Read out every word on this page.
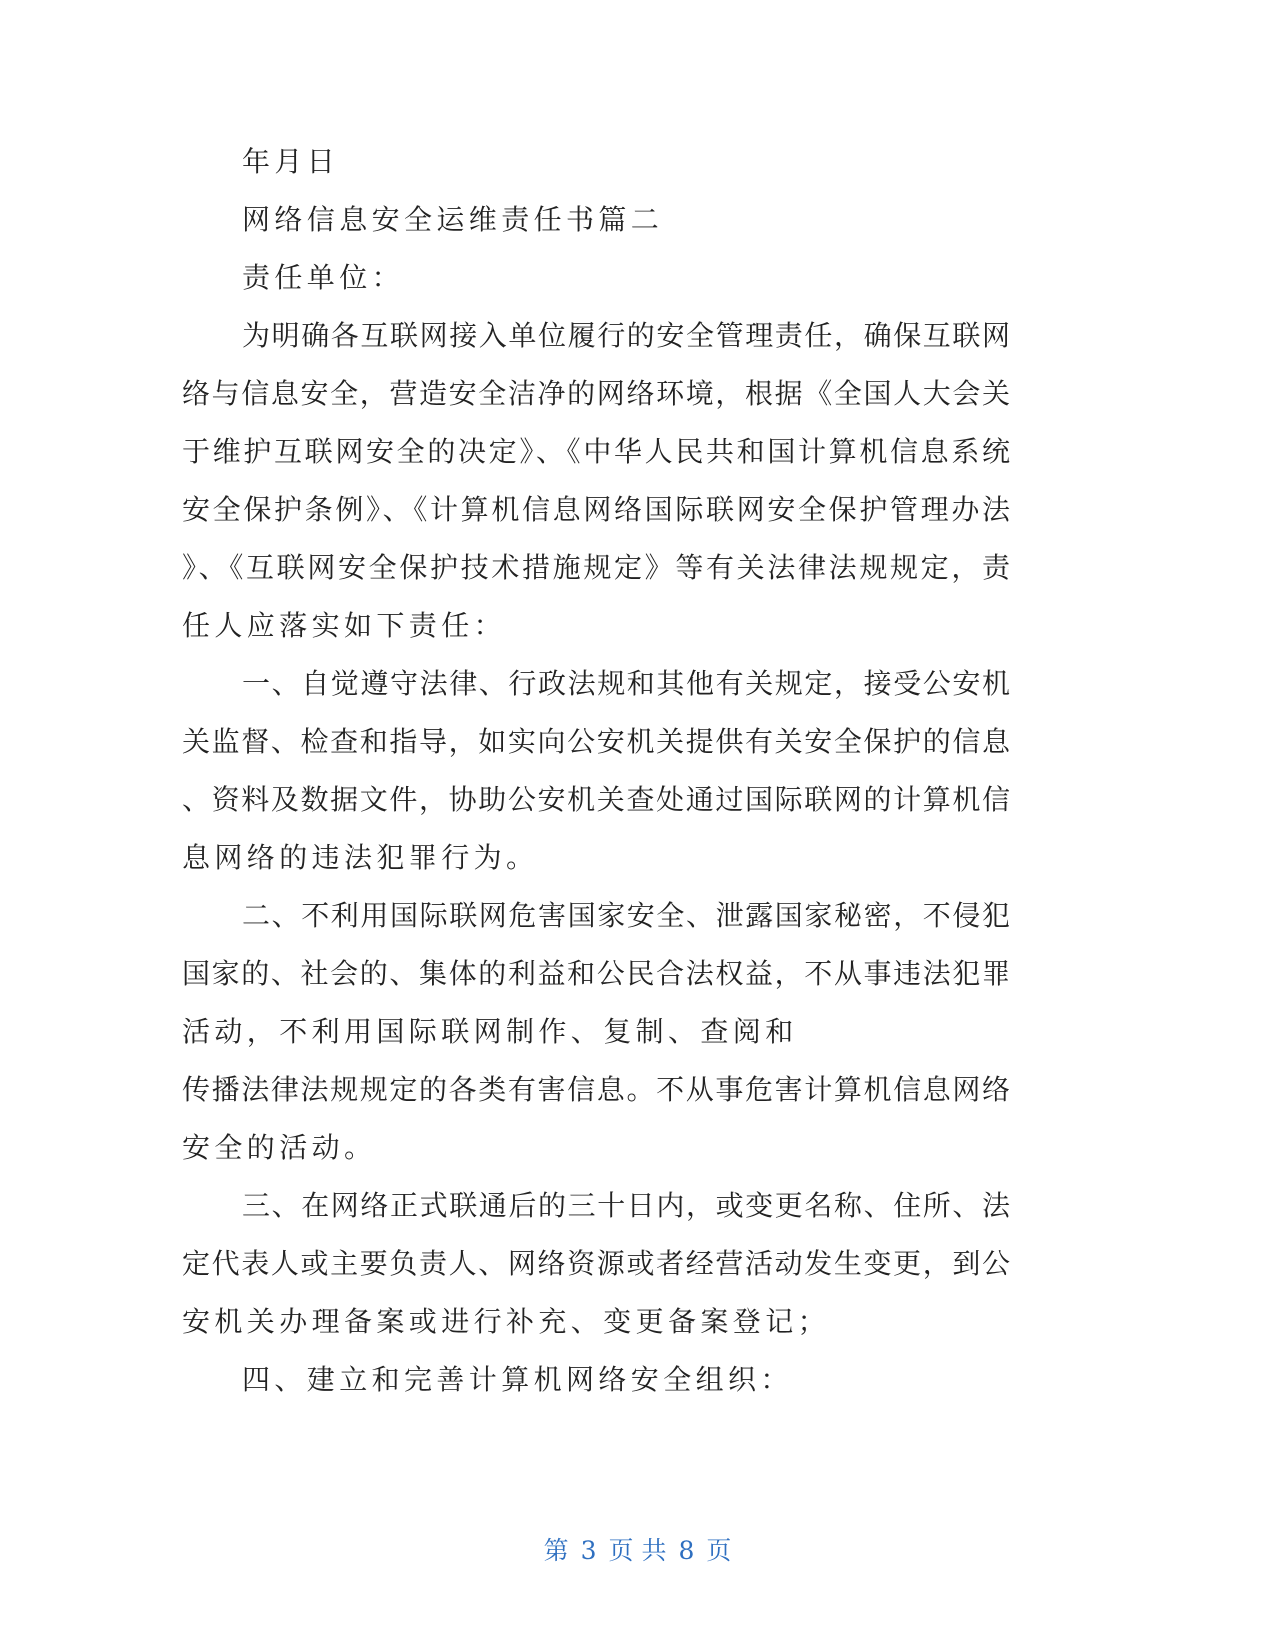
年月日
网络信息安全运维责任书篇二
责任单位：
为明确各互联网接入单位履行的安全管理责任，确保互联网
络与信息安全，营造安全洁净的网络环境，根据《全国人大会关
于维护互联网安全的决定》、《中华人民共和国计算机信息系统
安全保护条例》、《计算机信息网络国际联网安全保护管理办法
》、《互联网安全保护技术措施规定》等有关法律法规规定，责
任人应落实如下责任：
一、自觉遵守法律、行政法规和其他有关规定，接受公安机
关监督、检查和指导，如实向公安机关提供有关安全保护的信息
、资料及数据文件，协助公安机关查处通过国际联网的计算机信
息网络的违法犯罪行为。
二、不利用国际联网危害国家安全、泄露国家秘密，不侵犯
国家的、社会的、集体的利益和公民合法权益，不从事违法犯罪
活动，不利用国际联网制作、复制、查阅和
传播法律法规规定的各类有害信息。不从事危害计算机信息网络
安全的活动。
三、在网络正式联通后的三十日内，或变更名称、住所、法
定代表人或主要负责人、网络资源或者经营活动发生变更，到公
安机关办理备案或进行补充、变更备案登记；
四、建立和完善计算机网络安全组织：
第 3 页 共 8 页
